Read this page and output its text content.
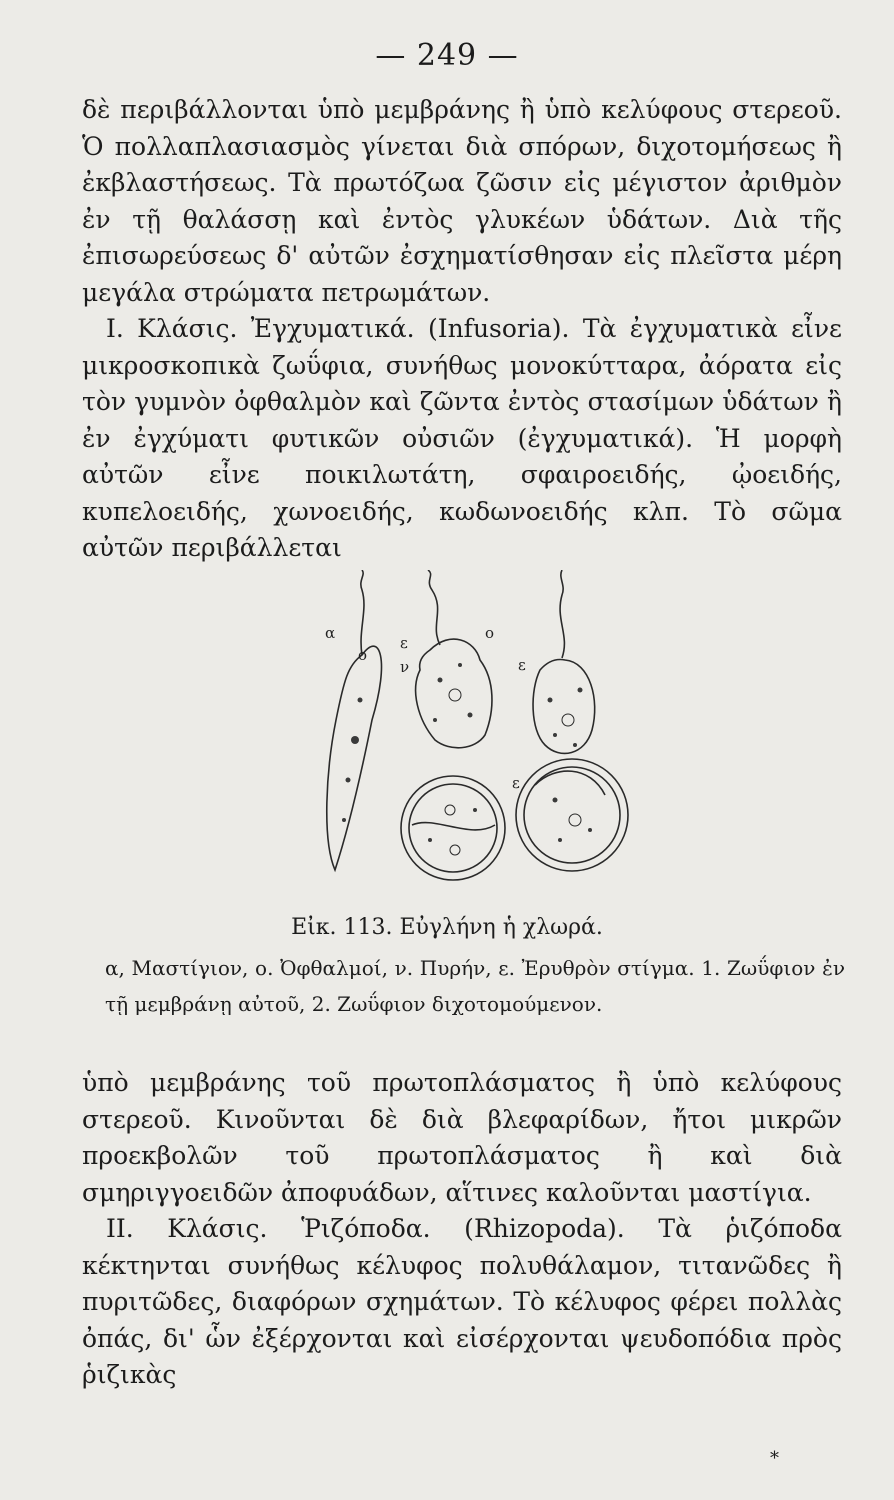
— 249 —

δὲ περιβάλλονται ὑπὸ μεμβράνης ἢ ὑπὸ κελύφους στερεοῦ. Ὁ πολλαπλασιασμὸς γίνεται διὰ σπόρων, διχοτομήσεως ἢ ἐκβλαστήσεως. Τὰ πρωτόζωα ζῶσιν εἰς μέγιστον ἀριθμὸν ἐν τῇ θαλάσσῃ καὶ ἐντὸς γλυκέων ὑδάτων. Διὰ τῆς ἐπισωρεύσεως δ' αὐτῶν ἐσχηματίσθησαν εἰς πλεῖστα μέρη μεγάλα στρώματα πετρωμάτων.

I. Κλάσις. Ἐγχυματικά. (Infusoria). Τὰ ἐγχυματικὰ εἶνε μικροσκοπικὰ ζωΰφια, συνήθως μονοκύτταρα, ἀόρατα εἰς τὸν γυμνὸν ὀφθαλμὸν καὶ ζῶντα ἐντὸς στασίμων ὑδάτων ἢ ἐν ἐγχύματι φυτικῶν οὐσιῶν (ἐγχυματικά). Ἡ μορφὴ αὐτῶν εἶνε ποικιλωτάτη, σφαιροειδής, ᾠοειδής, κυπελοειδής, χωνοειδής, κωδωνοειδής κλπ. Τὸ σῶμα αὐτῶν περιβάλλεται

α
ο
ε
ν
ο
ε
ε
Εἰκ. 113. Εὐγλήνη ἡ χλωρά.
α, Μαστίγιον, ο. Ὀφθαλμοί, ν. Πυρήν, ε. Ἐρυθρὸν στίγμα. 1. Ζωΰφιον ἐν τῇ μεμβράνῃ αὐτοῦ, 2. Ζωΰφιον διχοτομούμενον.

ὑπὸ μεμβράνης τοῦ πρωτοπλάσματος ἢ ὑπὸ κελύφους στερεοῦ. Κινοῦνται δὲ διὰ βλεφαρίδων, ἤτοι μικρῶν προεκβολῶν τοῦ πρωτοπλάσματος ἢ καὶ διὰ σμηριγγοειδῶν ἀποφυάδων, αἵτινες καλοῦνται μαστίγια.

II. Κλάσις. Ῥιζόποδα. (Rhizopoda). Τὰ ῥιζόποδα κέκτηνται συνήθως κέλυφος πολυθάλαμον, τιτανῶδες ἢ πυριτῶδες, διαφόρων σχημάτων. Τὸ κέλυφος φέρει πολλὰς ὀπάς, δι' ὧν ἐξέρχονται καὶ εἰσέρχονται ψευδοπόδια πρὸς ῥιζικὰς

*
